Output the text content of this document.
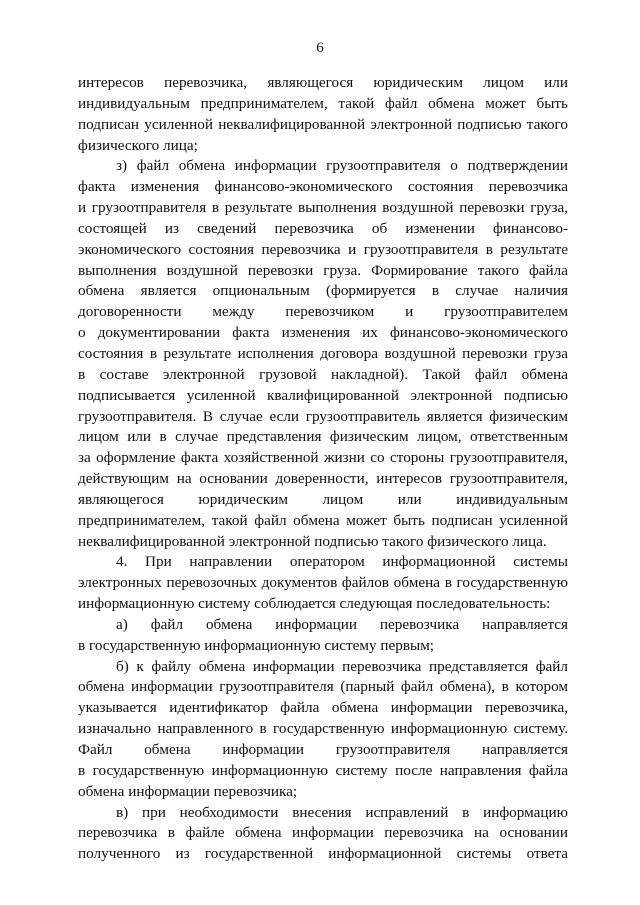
6
интересов перевозчика, являющегося юридическим лицом или
индивидуальным предпринимателем, такой файл обмена может быть
подписан усиленной неквалифицированной электронной подписью такого
физического лица;
з) файл обмена информации грузоотправителя о подтверждении
факта изменения финансово-экономического состояния перевозчика
и грузоотправителя в результате выполнения воздушной перевозки груза,
состоящей из сведений перевозчика об изменении финансово-
экономического состояния перевозчика и грузоотправителя в результате
выполнения воздушной перевозки груза. Формирование такого файла
обмена является опциональным (формируется в случае наличия
договоренности между перевозчиком и грузоотправителем
о документировании факта изменения их финансово-экономического
состояния в результате исполнения договора воздушной перевозки груза
в составе электронной грузовой накладной). Такой файл обмена
подписывается усиленной квалифицированной электронной подписью
грузоотправителя. В случае если грузоотправитель является физическим
лицом или в случае представления физическим лицом, ответственным
за оформление факта хозяйственной жизни со стороны грузоотправителя,
действующим на основании доверенности, интересов грузоотправителя,
являющегося юридическим лицом или индивидуальным
предпринимателем, такой файл обмена может быть подписан усиленной
неквалифицированной электронной подписью такого физического лица.
4. При направлении оператором информационной системы
электронных перевозочных документов файлов обмена в государственную
информационную систему соблюдается следующая последовательность:
а) файл обмена информации перевозчика направляется
в государственную информационную систему первым;
б) к файлу обмена информации перевозчика представляется файл
обмена информации грузоотправителя (парный файл обмена), в котором
указывается идентификатор файла обмена информации перевозчика,
изначально направленного в государственную информационную систему.
Файл обмена информации грузоотправителя направляется
в государственную информационную систему после направления файла
обмена информации перевозчика;
в) при необходимости внесения исправлений в информацию
перевозчика в файле обмена информации перевозчика на основании
полученного из государственной информационной системы ответа
